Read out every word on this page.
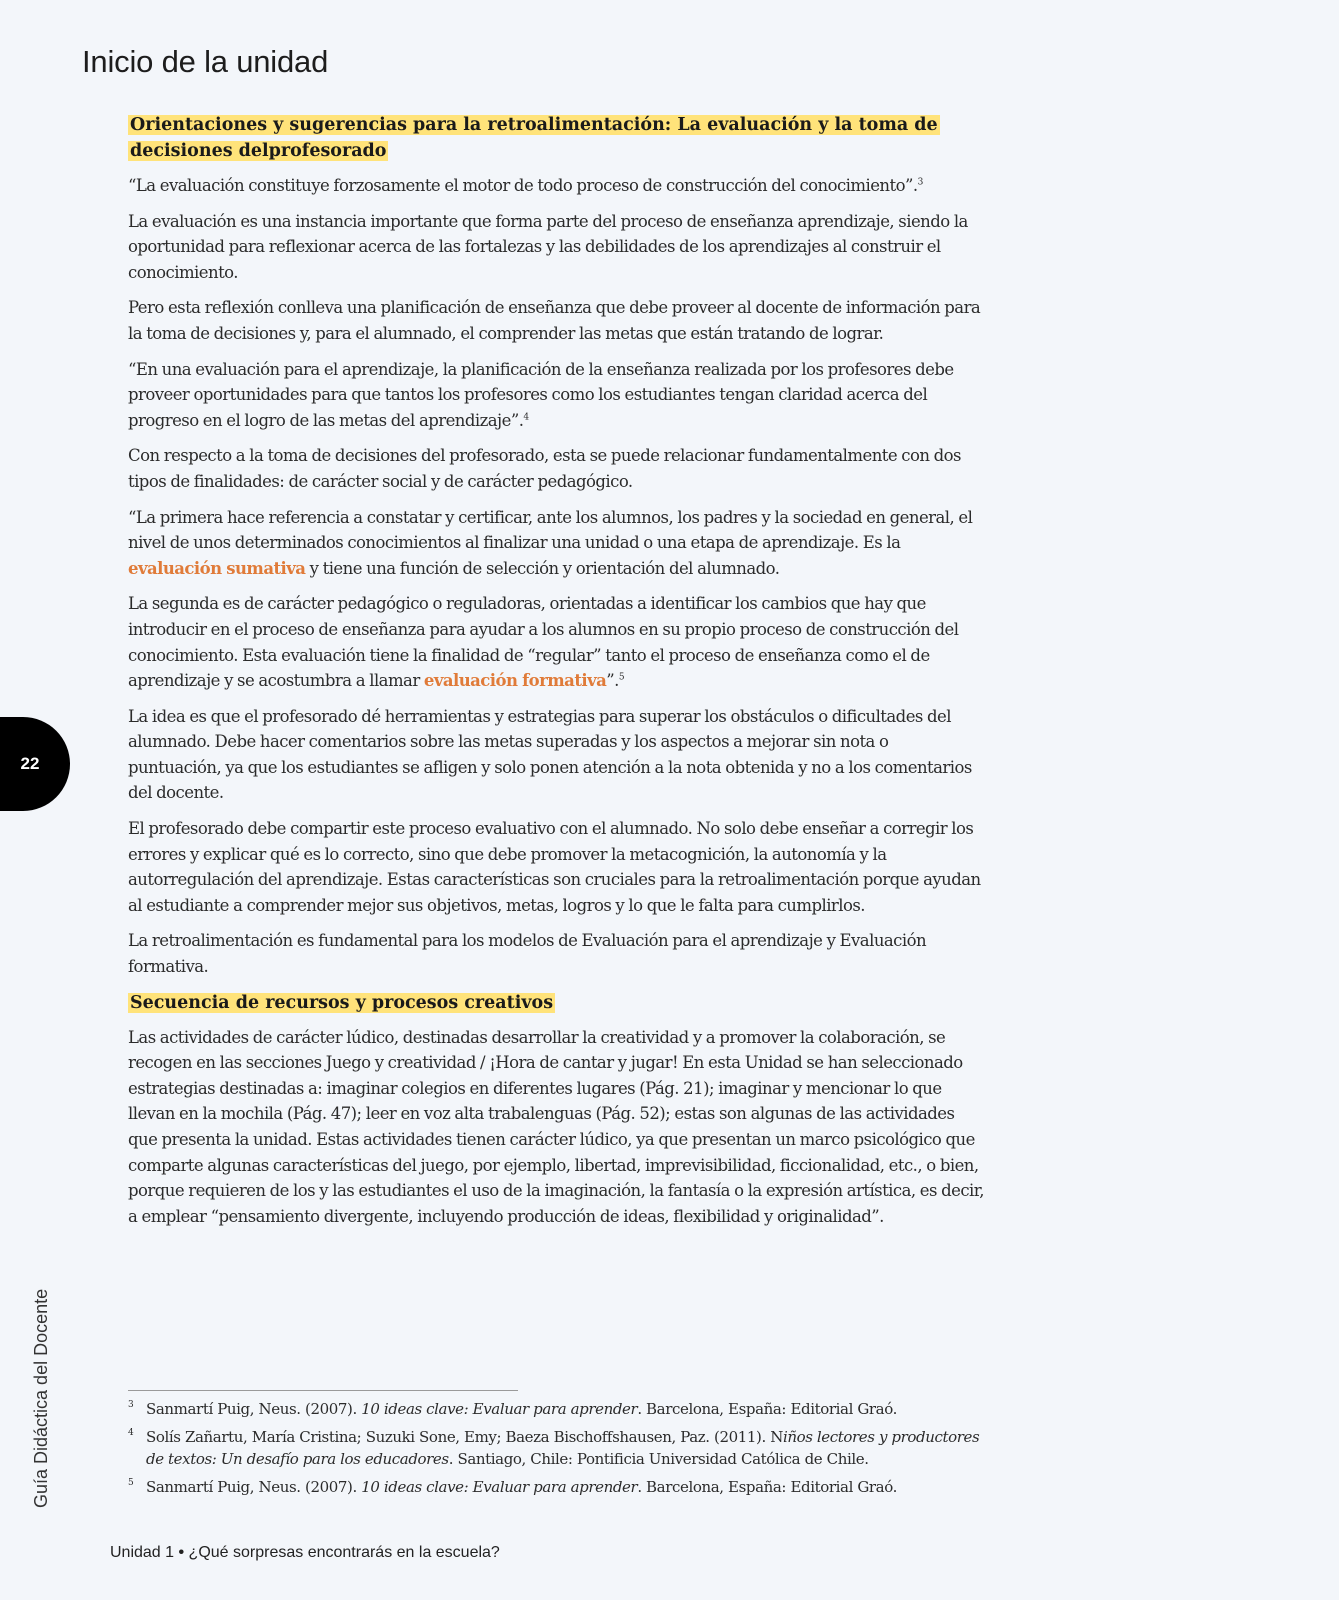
Inicio de la unidad
Orientaciones y sugerencias para la retroalimentación: La evaluación y la toma de decisiones delprofesorado

“La evaluación constituye forzosamente el motor de todo proceso de construcción del conocimiento”.$^3$

La evaluación es una instancia importante que forma parte del proceso de enseñanza aprendizaje, siendo la oportunidad para reflexionar acerca de las fortalezas y las debilidades de los aprendizajes al construir el conocimiento.

Pero esta reflexión conlleva una planificación de enseñanza que debe proveer al docente de información para la toma de decisiones y, para el alumnado, el comprender las metas que están tratando de lograr.

“En una evaluación para el aprendizaje, la planificación de la enseñanza realizada por los profesores debe proveer oportunidades para que tantos los profesores como los estudiantes tengan claridad acerca del progreso en el logro de las metas del aprendizaje”.$^4$

Con respecto a la toma de decisiones del profesorado, esta se puede relacionar fundamentalmente con dos tipos de finalidades: de carácter social y de carácter pedagógico.

“La primera hace referencia a constatar y certificar, ante los alumnos, los padres y la sociedad en general, el nivel de unos determinados conocimientos al finalizar una unidad o una etapa de aprendizaje. Es la evaluación sumativa y tiene una función de selección y orientación del alumnado.

La segunda es de carácter pedagógico o reguladoras, orientadas a identificar los cambios que hay que introducir en el proceso de enseñanza para ayudar a los alumnos en su propio proceso de construcción del conocimiento. Esta evaluación tiene la finalidad de “regular” tanto el proceso de enseñanza como el de aprendizaje y se acostumbra a llamar evaluación formativa”.$^5$

La idea es que el profesorado dé herramientas y estrategias para superar los obstáculos o dificultades del alumnado. Debe hacer comentarios sobre las metas superadas y los aspectos a mejorar sin nota o puntuación, ya que los estudiantes se afligen y solo ponen atención a la nota obtenida y no a los comentarios del docente.

El profesorado debe compartir este proceso evaluativo con el alumnado. No solo debe enseñar a corregir los errores y explicar qué es lo correcto, sino que debe promover la metacognición, la autonomía y la autorregulación del aprendizaje. Estas características son cruciales para la retroalimentación porque ayudan al estudiante a comprender mejor sus objetivos, metas, logros y lo que le falta para cumplirlos.

La retroalimentación es fundamental para los modelos de Evaluación para el aprendizaje y Evaluación formativa.

Secuencia de recursos y procesos creativos

Las actividades de carácter lúdico, destinadas desarrollar la creatividad y a promover la colaboración, se recogen en las secciones Juego y creatividad / ¡Hora de cantar y jugar! En esta Unidad se han seleccionado estrategias destinadas a: imaginar colegios en diferentes lugares (Pág. 21); imaginar y mencionar lo que llevan en la mochila (Pág. 47); leer en voz alta trabalenguas (Pág. 52); estas son algunas de las actividades que presenta la unidad. Estas actividades tienen carácter lúdico, ya que presentan un marco psicológico que comparte algunas características del juego, por ejemplo, libertad, imprevisibilidad, ficcionalidad, etc., o bien, porque requieren de los y las estudiantes el uso de la imaginación, la fantasía o la expresión artística, es decir, a emplear “pensamiento divergente, incluyendo producción de ideas, flexibilidad y originalidad”.

22
Guía Didáctica del Docente	3 Sanmartí Puig, Neus. (2007). 10 ideas clave: Evaluar para aprender. Barcelona, España: Editorial Graó.
4 Solís Zañartu, María Cristina; Suzuki Sone, Emy; Baeza Bischoffshausen, Paz. (2011). Niños lectores y productores de textos: Un desafío para los educadores. Santiago, Chile: Pontificia Universidad Católica de Chile.
5 Sanmartí Puig, Neus. (2007). 10 ideas clave: Evaluar para aprender. Barcelona, España: Editorial Graó.
Unidad 1 • ¿Qué sorpresas encontrarás en la escuela?
